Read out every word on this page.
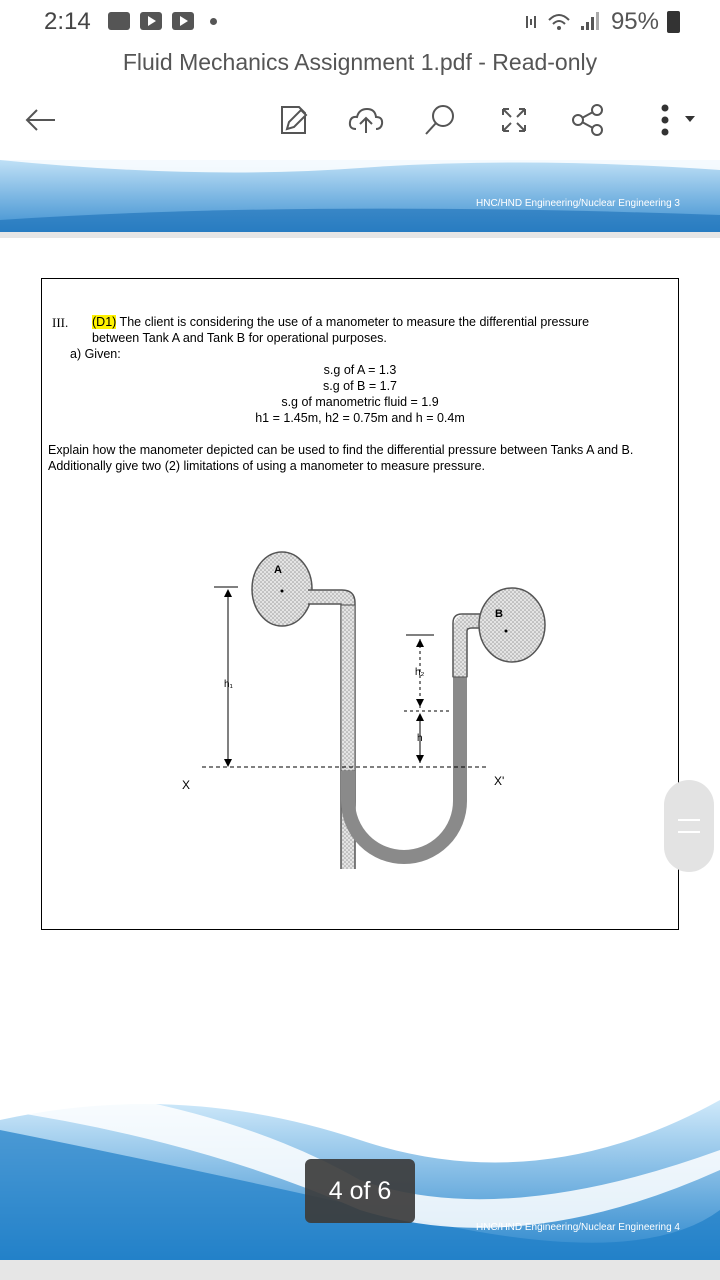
2:14	95%
Fluid Mechanics Assignment 1.pdf - Read-only
HNC/HND Engineering/Nuclear Engineering 3
III. (D1) The client is considering the use of a manometer to measure the differential pressure
between Tank A and Tank B for operational purposes.
a) Given:
s.g of A = 1.3
s.g of B = 1.7
s.g of manometric fluid = 1.9
h1 = 1.45m, h2 = 0.75m and h = 0.4m
Explain how the manometer depicted can be used to find the differential pressure between Tanks A and B. Additionally give two (2) limitations of using a manometer to measure pressure.
A
B
X	X'
h₁
h₂
h
HNC/HND Engineering/Nuclear Engineering 4
4 of 6
